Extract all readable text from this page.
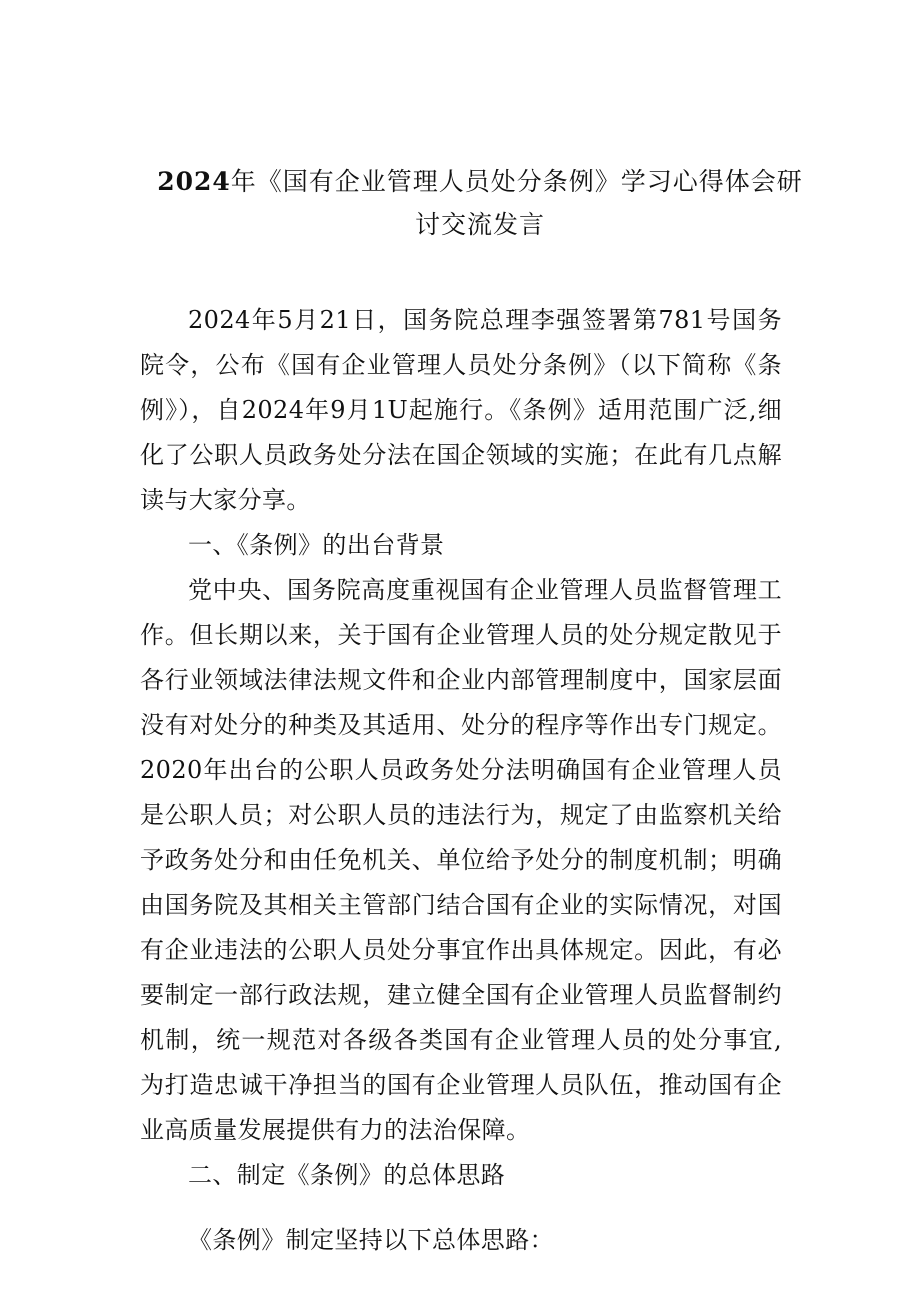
2024年《国有企业管理人员处分条例》学习心得体会研讨交流发言

2024年5月21日，国务院总理李强签署第781号国务院令，公布《国有企业管理人员处分条例》（以下简称《条例》），自2024年9月1U起施行。《条例》适用范围广泛,细化了公职人员政务处分法在国企领域的实施；在此有几点解读与大家分享。

一、《条例》的出台背景

党中央、国务院高度重视国有企业管理人员监督管理工作。但长期以来，关于国有企业管理人员的处分规定散见于各行业领域法律法规文件和企业内部管理制度中，国家层面没有对处分的种类及其适用、处分的程序等作出专门规定。2020年出台的公职人员政务处分法明确国有企业管理人员是公职人员；对公职人员的违法行为，规定了由监察机关给予政务处分和由任免机关、单位给予处分的制度机制；明确由国务院及其相关主管部门结合国有企业的实际情况，对国有企业违法的公职人员处分事宜作出具体规定。因此，有必要制定一部行政法规，建立健全国有企业管理人员监督制约机制，统一规范对各级各类国有企业管理人员的处分事宜,为打造忠诚干净担当的国有企业管理人员队伍，推动国有企业高质量发展提供有力的法治保障。

二、制定《条例》的总体思路

《条例》制定坚持以下总体思路：
